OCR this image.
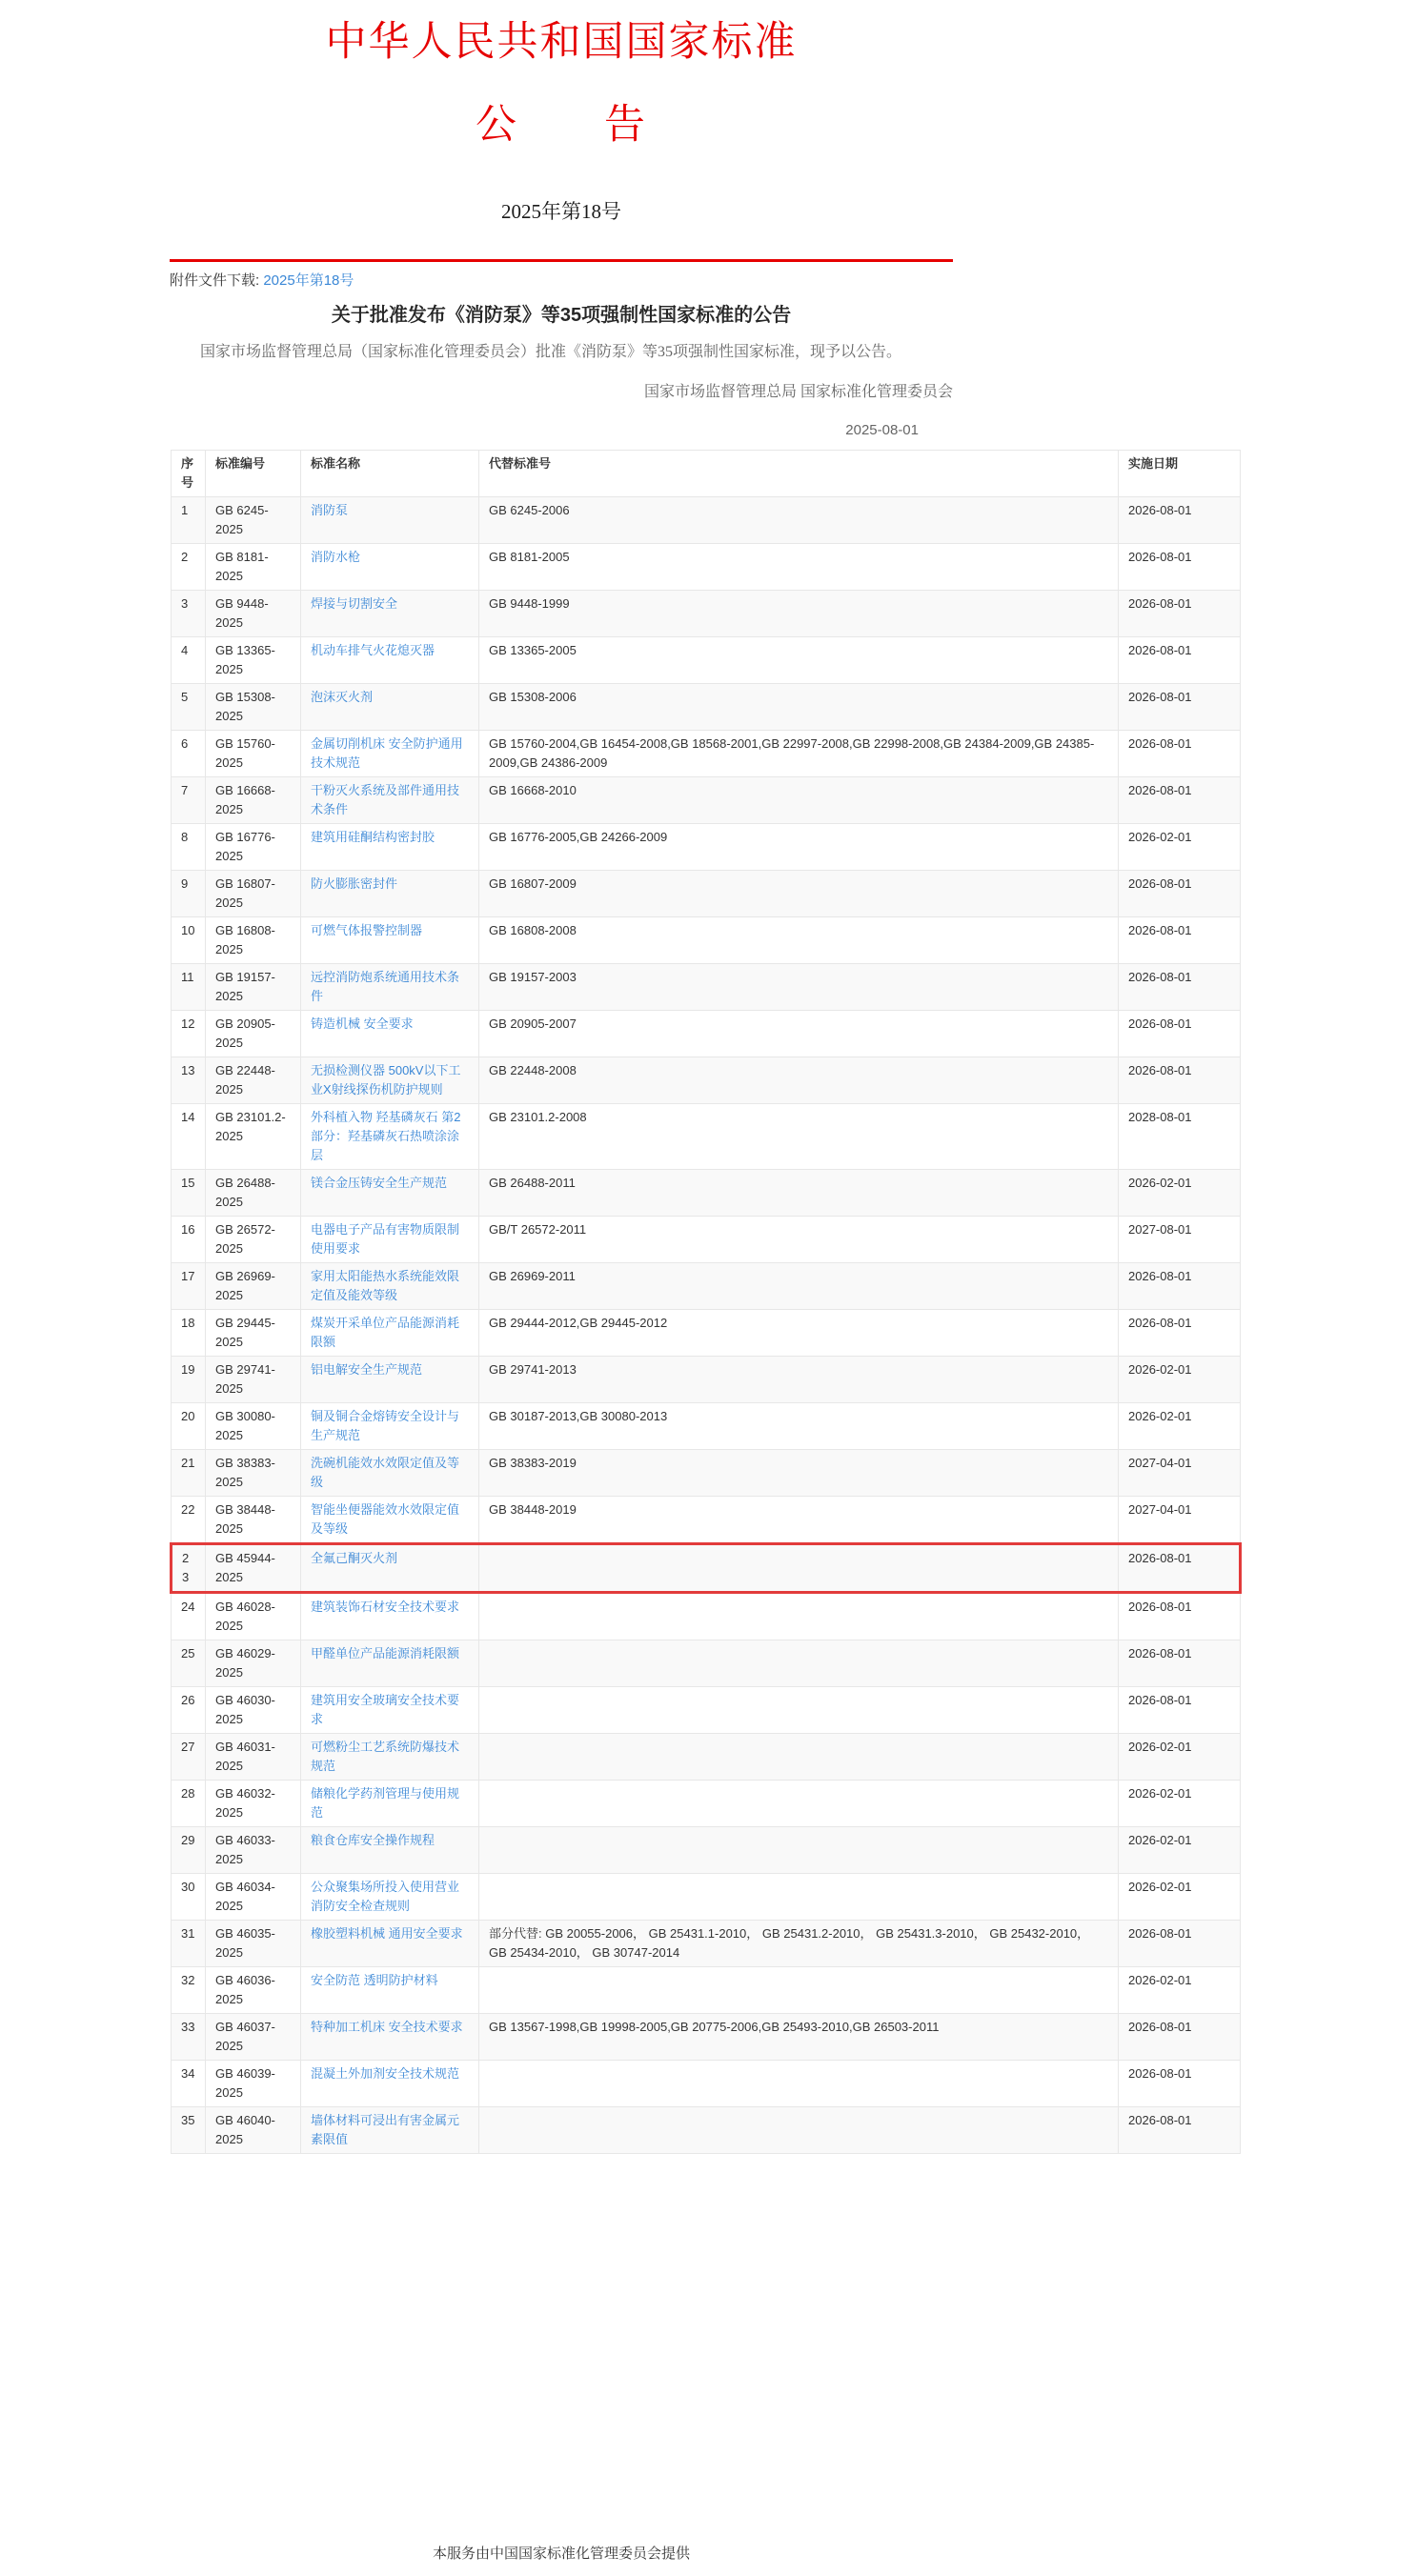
中华人民共和国国家标准
公　　告
2025年第18号
附件文件下载: 2025年第18号
关于批准发布《消防泵》等35项强制性国家标准的公告
国家市场监督管理总局（国家标准化管理委员会）批准《消防泵》等35项强制性国家标准，现予以公告。
国家市场监督管理总局 国家标准化管理委员会
2025-08-01
序号	标准编号	标准名称	代替标准号	实施日期
1	GB 6245-2025	消防泵	GB 6245-2006	2026-08-01
2	GB 8181-2025	消防水枪	GB 8181-2005	2026-08-01
3	GB 9448-2025	焊接与切割安全	GB 9448-1999	2026-08-01
4	GB 13365-2025	机动车排气火花熄灭器	GB 13365-2005	2026-08-01
5	GB 15308-2025	泡沫灭火剂	GB 15308-2006	2026-08-01
6	GB 15760-2025	金属切削机床 安全防护通用技术规范	GB 15760-2004,GB 16454-2008,GB 18568-2001,GB 22997-2008,GB 22998-2008,GB 24384-2009,GB 24385-2009,GB 24386-2009	2026-08-01
7	GB 16668-2025	干粉灭火系统及部件通用技术条件	GB 16668-2010	2026-08-01
8	GB 16776-2025	建筑用硅酮结构密封胶	GB 16776-2005,GB 24266-2009	2026-02-01
9	GB 16807-2025	防火膨胀密封件	GB 16807-2009	2026-08-01
10	GB 16808-2025	可燃气体报警控制器	GB 16808-2008	2026-08-01
11	GB 19157-2025	远控消防炮系统通用技术条件	GB 19157-2003	2026-08-01
12	GB 20905-2025	铸造机械 安全要求	GB 20905-2007	2026-08-01
13	GB 22448-2025	无损检测仪器 500kV以下工业X射线探伤机防护规则	GB 22448-2008	2026-08-01
14	GB 23101.2-2025	外科植入物 羟基磷灰石 第2部分：羟基磷灰石热喷涂涂层	GB 23101.2-2008	2028-08-01
15	GB 26488-2025	镁合金压铸安全生产规范	GB 26488-2011	2026-02-01
16	GB 26572-2025	电器电子产品有害物质限制使用要求	GB/T 26572-2011	2027-08-01
17	GB 26969-2025	家用太阳能热水系统能效限定值及能效等级	GB 26969-2011	2026-08-01
18	GB 29445-2025	煤炭开采单位产品能源消耗限额	GB 29444-2012,GB 29445-2012	2026-08-01
19	GB 29741-2025	铝电解安全生产规范	GB 29741-2013	2026-02-01
20	GB 30080-2025	铜及铜合金熔铸安全设计与生产规范	GB 30187-2013,GB 30080-2013	2026-02-01
21	GB 38383-2025	洗碗机能效水效限定值及等级	GB 38383-2019	2027-04-01
22	GB 38448-2025	智能坐便器能效水效限定值及等级	GB 38448-2019	2027-04-01
23	GB 45944-2025	全氟己酮灭火剂		2026-08-01
24	GB 46028-2025	建筑装饰石材安全技术要求		2026-08-01
25	GB 46029-2025	甲醛单位产品能源消耗限额		2026-08-01
26	GB 46030-2025	建筑用安全玻璃安全技术要求		2026-08-01
27	GB 46031-2025	可燃粉尘工艺系统防爆技术规范		2026-02-01
28	GB 46032-2025	储粮化学药剂管理与使用规范		2026-02-01
29	GB 46033-2025	粮食仓库安全操作规程		2026-02-01
30	GB 46034-2025	公众聚集场所投入使用营业消防安全检查规则		2026-02-01
31	GB 46035-2025	橡胶塑料机械 通用安全要求	部分代替: GB 20055-2006， GB 25431.1-2010， GB 25431.2-2010， GB 25431.3-2010， GB 25432-2010， GB 25434-2010， GB 30747-2014	2026-08-01
32	GB 46036-2025	安全防范 透明防护材料		2026-02-01
33	GB 46037-2025	特种加工机床 安全技术要求	GB 13567-1998,GB 19998-2005,GB 20775-2006,GB 25493-2010,GB 26503-2011	2026-08-01
34	GB 46039-2025	混凝土外加剂安全技术规范		2026-08-01
35	GB 46040-2025	墙体材料可浸出有害金属元素限值		2026-08-01
本服务由中国国家标准化管理委员会提供
